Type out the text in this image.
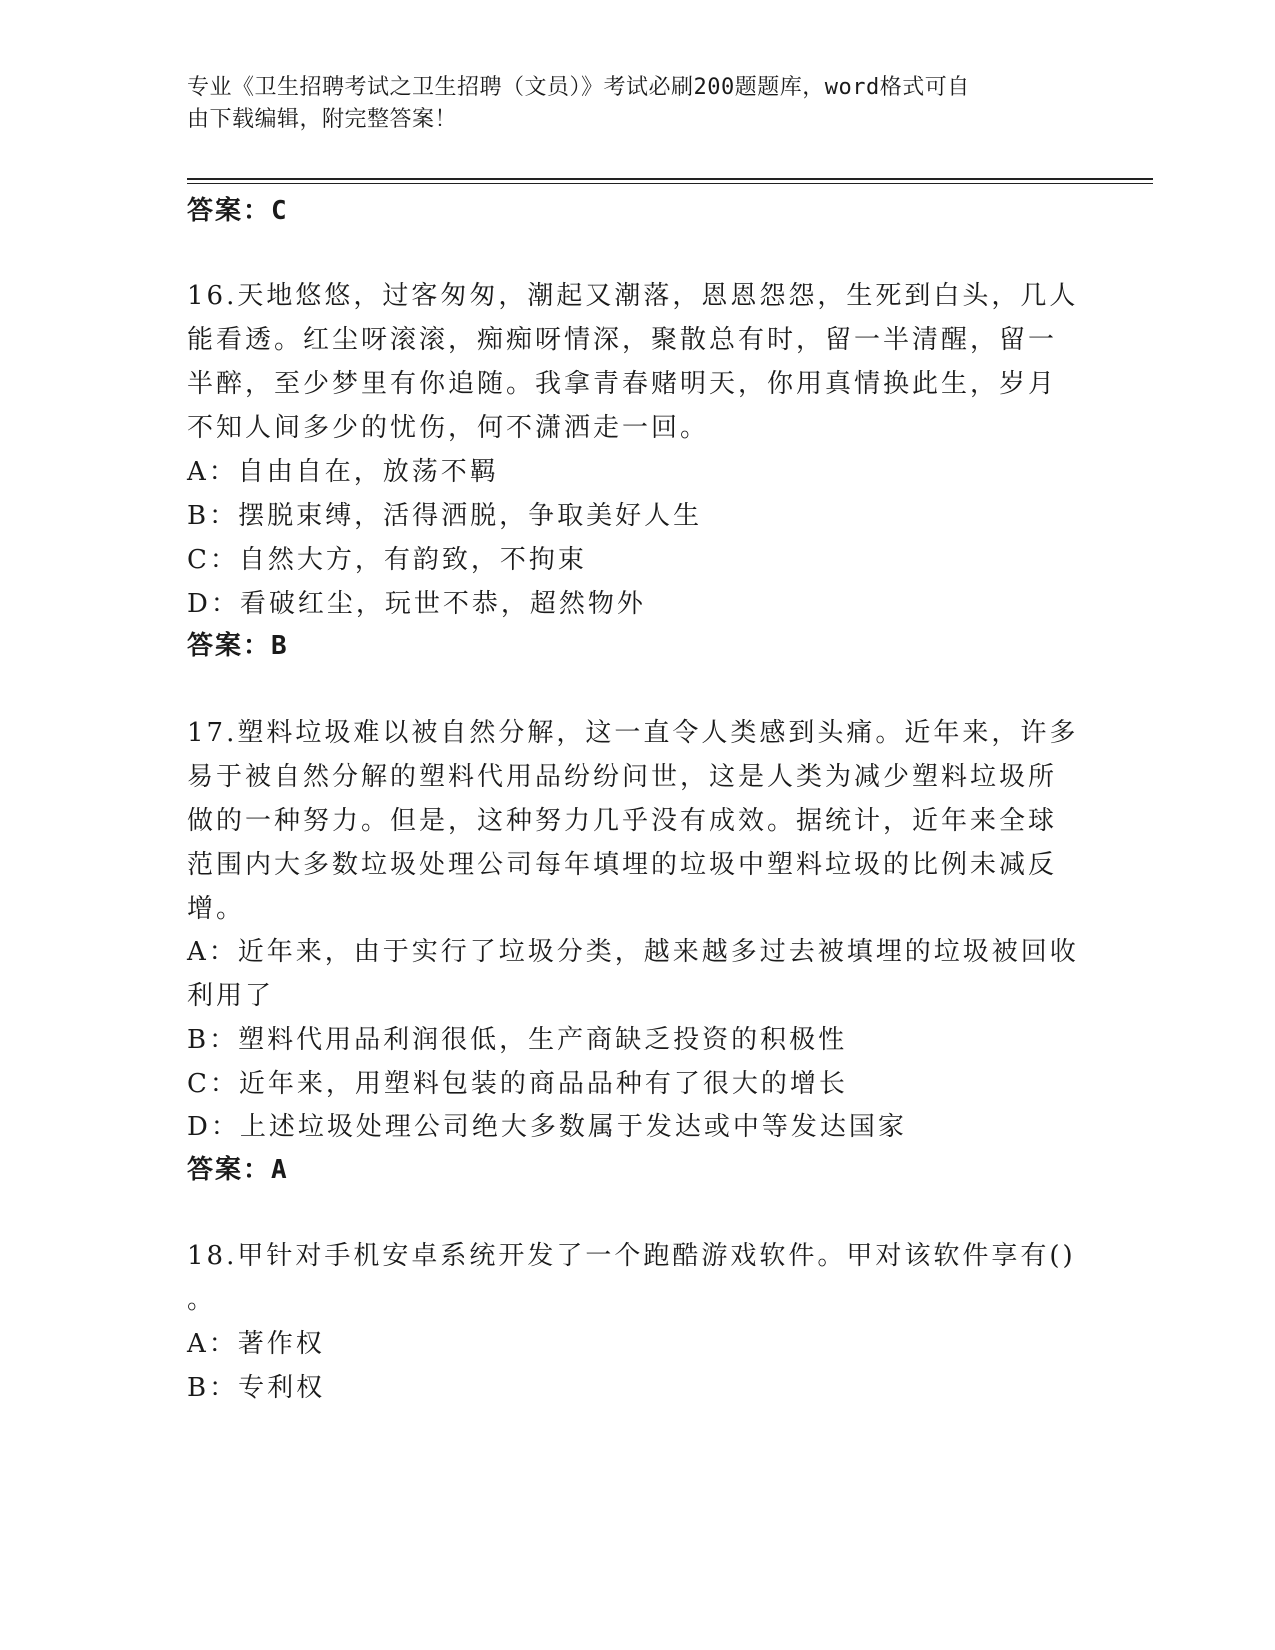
专业《卫生招聘考试之卫生招聘（文员）》考试必刷200题题库，word格式可自
由下载编辑，附完整答案！
答案：C
16.天地悠悠，过客匆匆，潮起又潮落，恩恩怨怨，生死到白头，几人
能看透。红尘呀滚滚，痴痴呀情深，聚散总有时，留一半清醒，留一
半醉，至少梦里有你追随。我拿青春赌明天，你用真情换此生，岁月
不知人间多少的忧伤，何不潇洒走一回。
A：自由自在，放荡不羁
B：摆脱束缚，活得洒脱，争取美好人生
C：自然大方，有韵致，不拘束
D：看破红尘，玩世不恭，超然物外
答案：B
17.塑料垃圾难以被自然分解，这一直令人类感到头痛。近年来，许多
易于被自然分解的塑料代用品纷纷问世，这是人类为减少塑料垃圾所
做的一种努力。但是，这种努力几乎没有成效。据统计，近年来全球
范围内大多数垃圾处理公司每年填埋的垃圾中塑料垃圾的比例未减反
增。
A：近年来，由于实行了垃圾分类，越来越多过去被填埋的垃圾被回收
利用了
B：塑料代用品利润很低，生产商缺乏投资的积极性
C：近年来，用塑料包装的商品品种有了很大的增长
D：上述垃圾处理公司绝大多数属于发达或中等发达国家
答案：A
18.甲针对手机安卓系统开发了一个跑酷游戏软件。甲对该软件享有()
。
A：著作权
B：专利权
